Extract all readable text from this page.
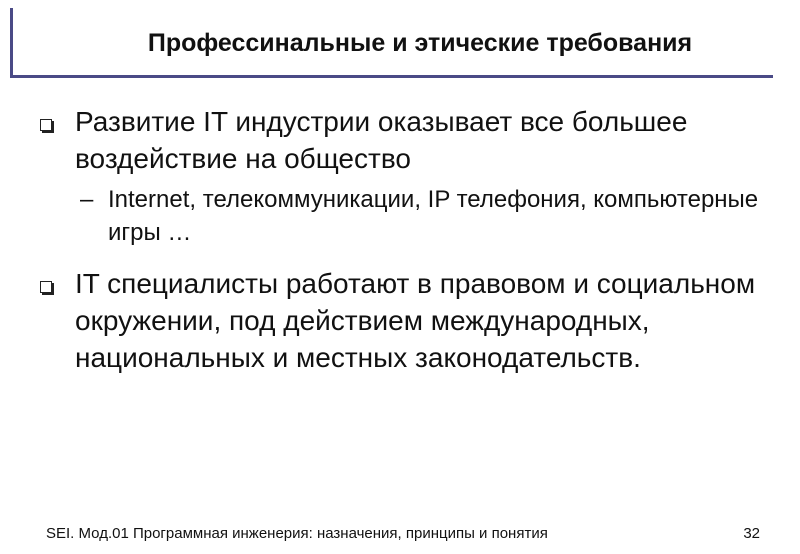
Професcинальные и этические требования
Развитие IT индустрии оказывает все большее воздействие на общество
– Internet, телекоммуникации, IP телефония, компьютерные игры …
IT специалисты работают в правовом и социальном окружении, под действием международных, национальных и местных законодательств.
SEI. Мод.01 Программная инженерия: назначения, принципы и понятия	32
